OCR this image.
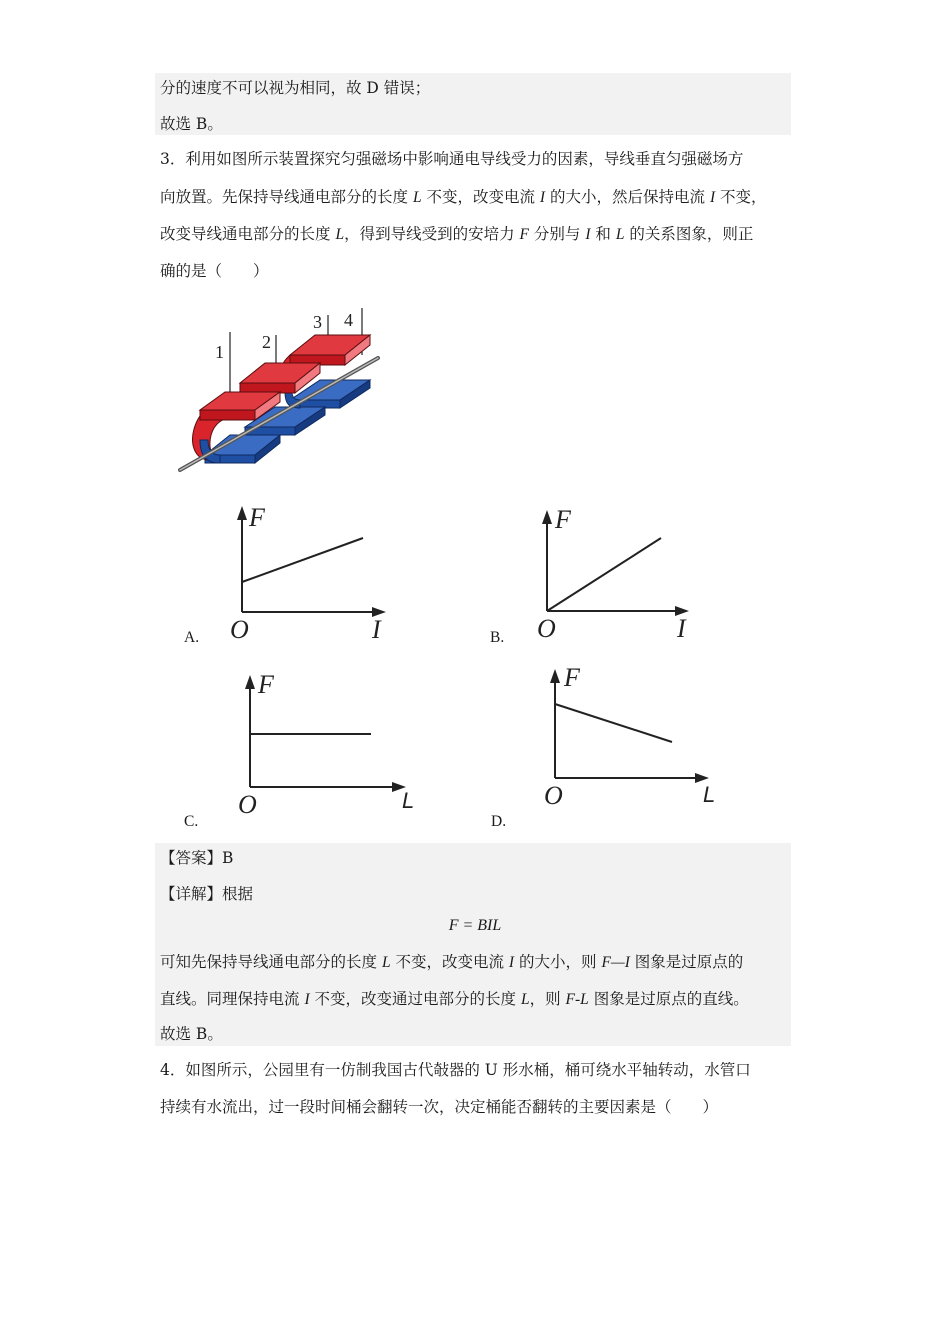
分的速度不可以视为相同，故 D 错误；
故选 B。
3．利用如图所示装置探究匀强磁场中影响通电导线受力的因素，导线垂直匀强磁场方
向放置。先保持导线通电部分的长度 L 不变，改变电流 I 的大小，然后保持电流 I 不变，
改变导线通电部分的长度 L，得到导线受到的安培力 F 分别与 I 和 L 的关系图象，则正
确的是（　　）
1 2
3 4
F
I
O
A.
F
I
O
B.
F
L
O
C.
F
L
O
D.
【答案】B
【详解】根据
F = BIL
可知先保持导线通电部分的长度 L 不变，改变电流 I 的大小，则 F—I 图象是过原点的
直线。同理保持电流 I 不变，改变通过电部分的长度 L，则 F-L 图象是过原点的直线。
故选 B。
4．如图所示，公园里有一仿制我国古代敧器的 U 形水桶，桶可绕水平轴转动，水管口
持续有水流出，过一段时间桶会翻转一次，决定桶能否翻转的主要因素是（　　）
